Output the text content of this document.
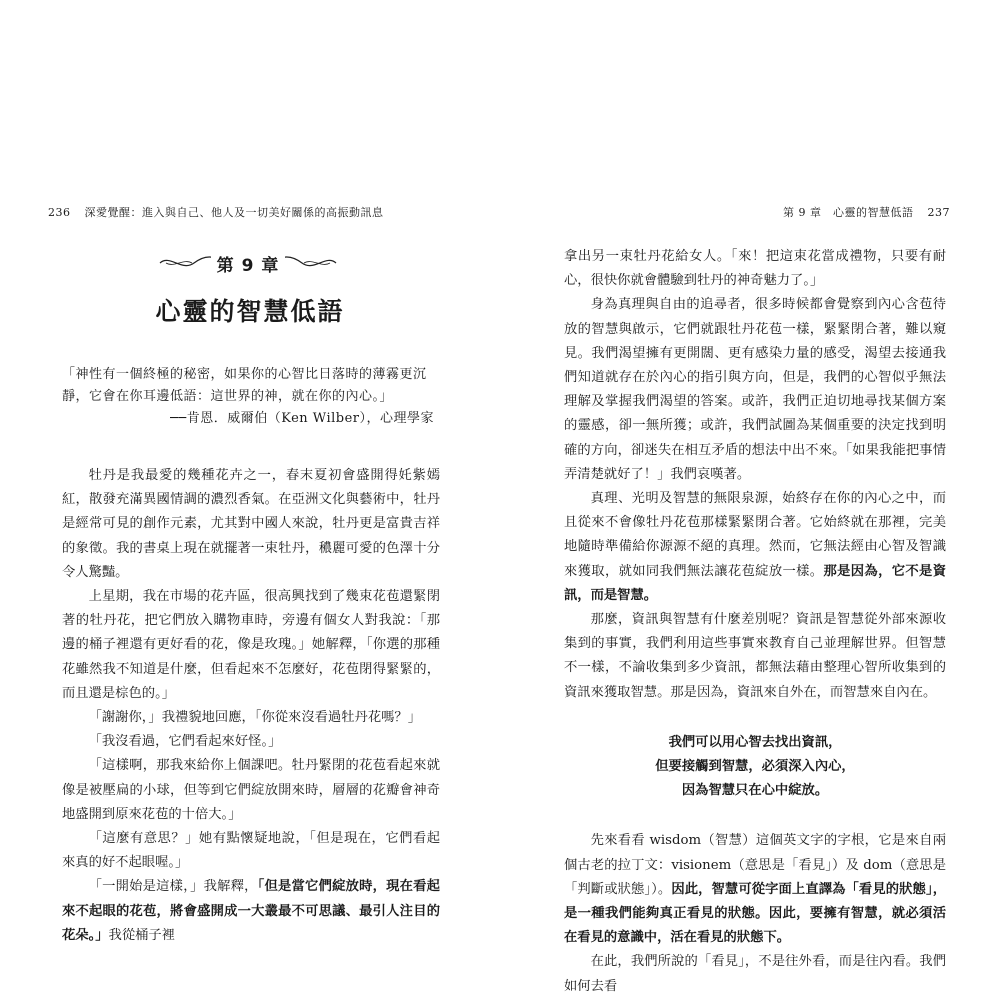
236 深愛覺醒：進入與自己、他人及一切美好關係的高振動訊息
第 9 章
心靈的智慧低語
「神性有一個終極的秘密，如果你的心智比日落時的薄霧更沉靜，它會在你耳邊低語：這世界的神，就在你的內心。」
──肯恩．威爾伯（Ken Wilber），心理學家

牡丹是我最愛的幾種花卉之一，春末夏初會盛開得奼紫嫣紅，散發充滿異國情調的濃烈香氣。在亞洲文化與藝術中，牡丹是經常可見的創作元素，尤其對中國人來說，牡丹更是富貴吉祥的象徵。我的書桌上現在就擺著一束牡丹，穠麗可愛的色澤十分令人驚豔。

上星期，我在市場的花卉區，很高興找到了幾束花苞還緊閉著的牡丹花，把它們放入購物車時，旁邊有個女人對我說：「那邊的桶子裡還有更好看的花，像是玫瑰。」她解釋，「你選的那種花雖然我不知道是什麼，但看起來不怎麼好，花苞閉得緊緊的，而且還是棕色的。」

「謝謝你，」我禮貌地回應，「你從來沒看過牡丹花嗎？」

「我沒看過，它們看起來好怪。」

「這樣啊，那我來給你上個課吧。牡丹緊閉的花苞看起來就像是被壓扁的小球，但等到它們綻放開來時，層層的花瓣會神奇地盛開到原來花苞的十倍大。」

「這麼有意思？」她有點懷疑地說，「但是現在，它們看起來真的好不起眼喔。」

「一開始是這樣，」我解釋，「但是當它們綻放時，現在看起來不起眼的花苞，將會盛開成一大叢最不可思議、最引人注目的花朵。」我從桶子裡

第 9 章　心靈的智慧低語 237

拿出另一束牡丹花給女人。「來！把這束花當成禮物，只要有耐心，很快你就會體驗到牡丹的神奇魅力了。」

身為真理與自由的追尋者，很多時候都會覺察到內心含苞待放的智慧與啟示，它們就跟牡丹花苞一樣，緊緊閉合著，難以窺見。我們渴望擁有更開闊、更有感染力量的感受，渴望去接通我們知道就存在於內心的指引與方向，但是，我們的心智似乎無法理解及掌握我們渴望的答案。或許，我們正迫切地尋找某個方案的靈感，卻一無所獲；或許，我們試圖為某個重要的決定找到明確的方向，卻迷失在相互矛盾的想法中出不來。「如果我能把事情弄清楚就好了！」我們哀嘆著。

真理、光明及智慧的無限泉源，始終存在你的內心之中，而且從來不會像牡丹花苞那樣緊緊閉合著。它始終就在那裡，完美地隨時準備給你源源不絕的真理。然而，它無法經由心智及智識來獲取，就如同我們無法讓花苞綻放一樣。那是因為，它不是資訊，而是智慧。

那麼，資訊與智慧有什麼差別呢？資訊是智慧從外部來源收集到的事實，我們利用這些事實來教育自己並理解世界。但智慧不一樣，不論收集到多少資訊，都無法藉由整理心智所收集到的資訊來獲取智慧。那是因為，資訊來自外在，而智慧來自內在。

我們可以用心智去找出資訊，
但要接觸到智慧，必須深入內心，
因為智慧只在心中綻放。

先來看看 wisdom（智慧）這個英文字的字根，它是來自兩個古老的拉丁文：visionem（意思是「看見」）及 dom（意思是「判斷或狀態」）。因此，智慧可從字面上直譯為「看見的狀態」，是一種我們能夠真正看見的狀態。因此，要擁有智慧，就必須活在看見的意識中，活在看見的狀態下。

在此，我們所說的「看見」，不是往外看，而是往內看。我們如何去看
